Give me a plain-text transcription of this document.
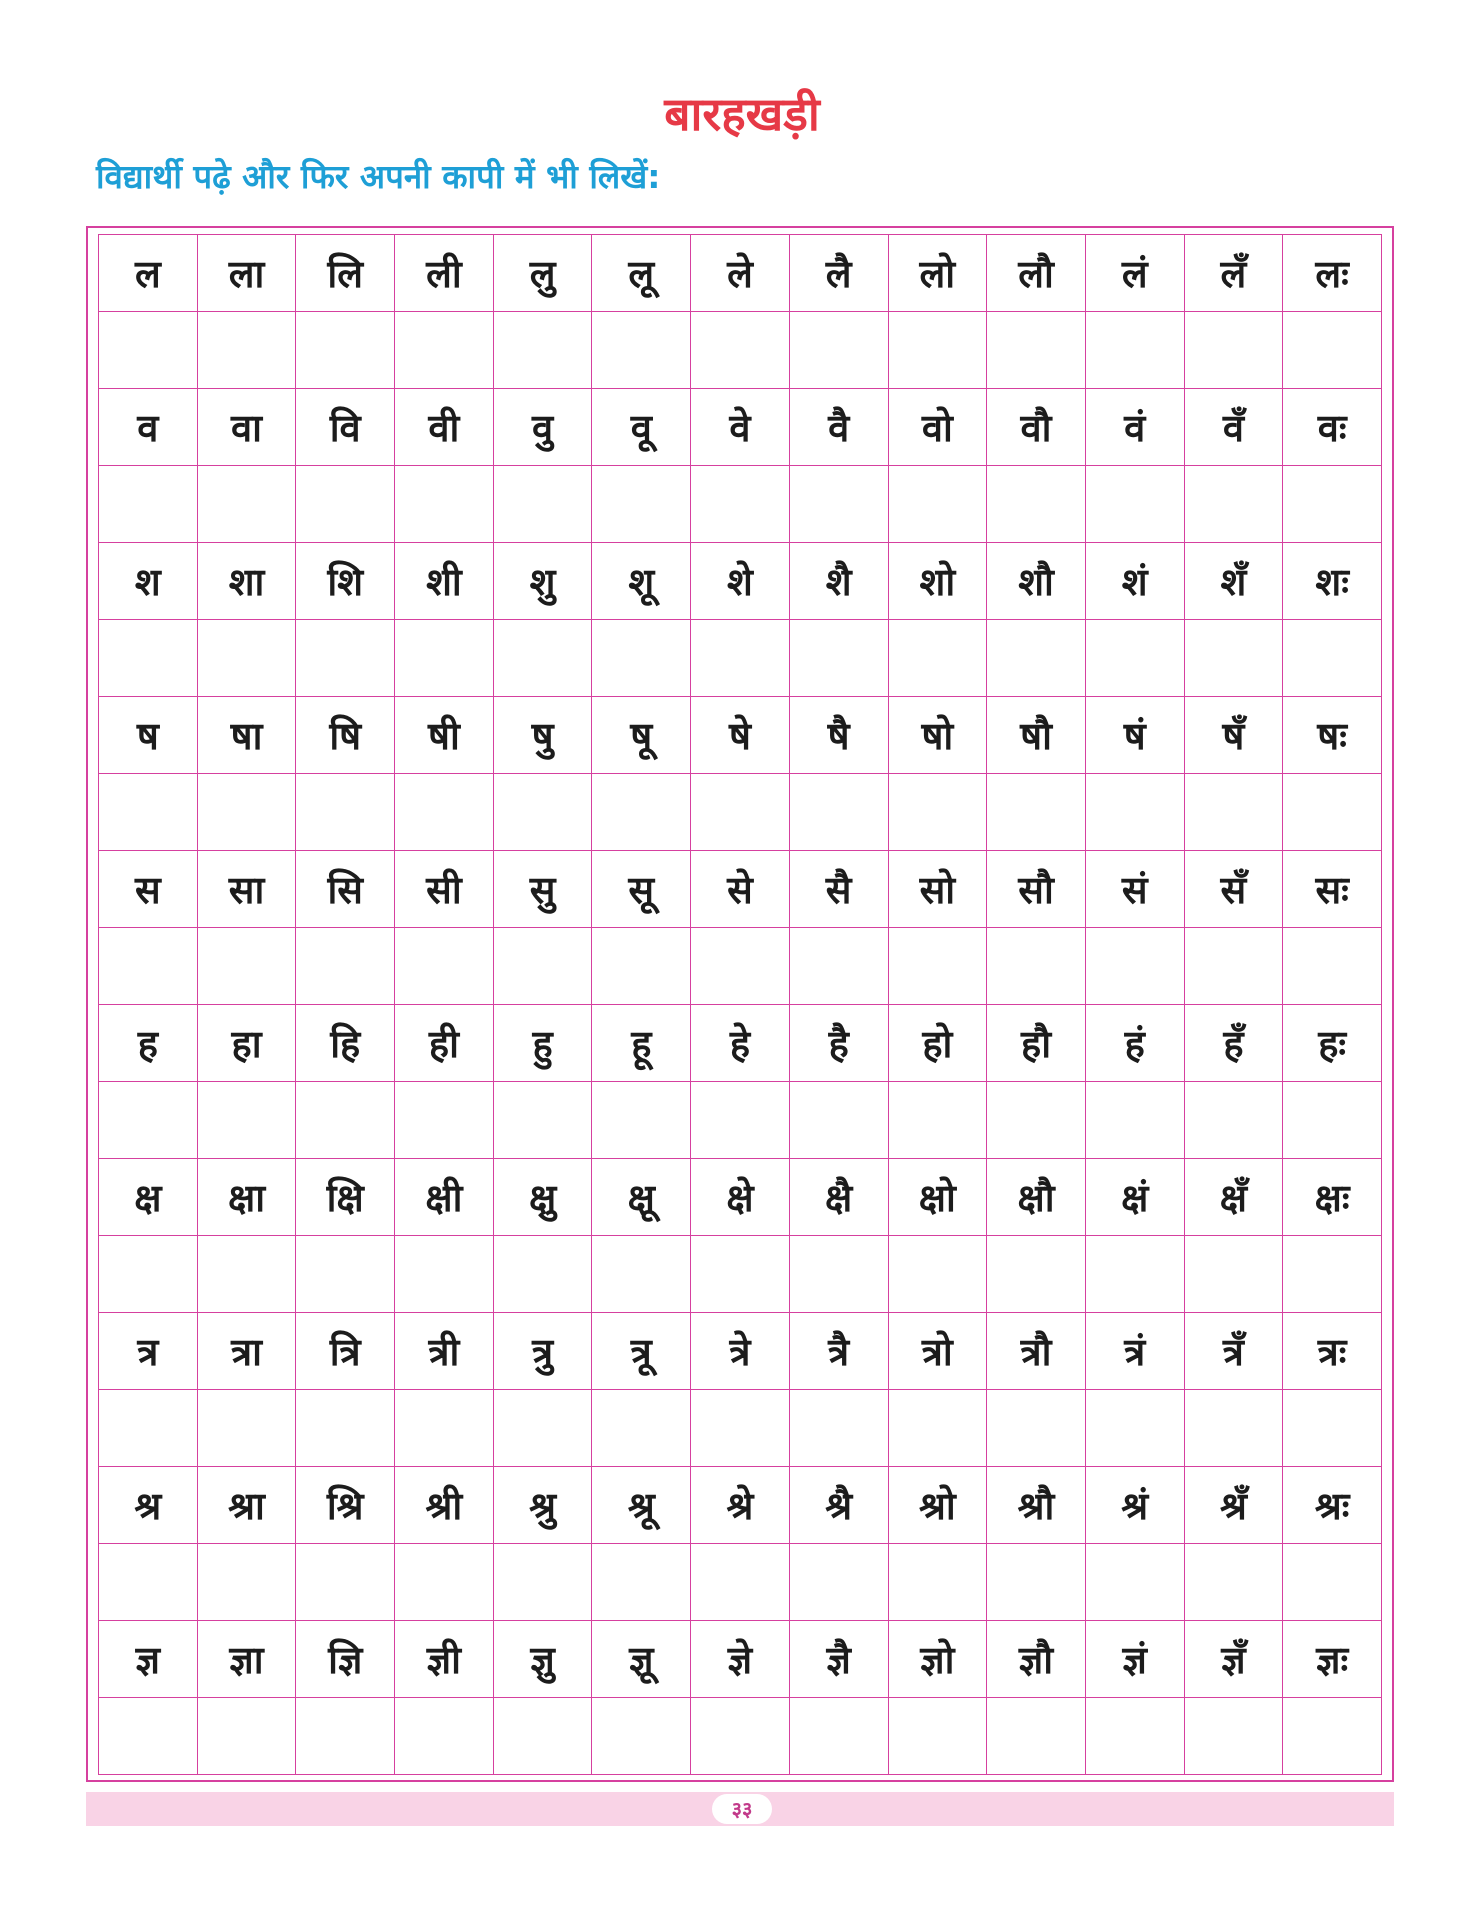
बारहखड़ी
विद्यार्थी पढ़े और फिर अपनी कापी में भी लिखें:
ल	ला	लि	ली	लु	लू	ले	लै	लो	लौ	लं	लँ	लः

व	वा	वि	वी	वु	वू	वे	वै	वो	वौ	वं	वँ	वः

श	शा	शि	शी	शु	शू	शे	शै	शो	शौ	शं	शँ	शः

ष	षा	षि	षी	षु	षू	षे	षै	षो	षौ	षं	षँ	षः

स	सा	सि	सी	सु	सू	से	सै	सो	सौ	सं	सँ	सः

ह	हा	हि	ही	हु	हू	हे	है	हो	हौ	हं	हँ	हः

क्ष	क्षा	क्षि	क्षी	क्षु	क्षू	क्षे	क्षै	क्षो	क्षौ	क्षं	क्षँ	क्षः

त्र	त्रा	त्रि	त्री	त्रु	त्रू	त्रे	त्रै	त्रो	त्रौ	त्रं	त्रँ	त्रः

श्र	श्रा	श्रि	श्री	श्रु	श्रू	श्रे	श्रै	श्रो	श्रौ	श्रं	श्रँ	श्रः

ज्ञ	ज्ञा	ज्ञि	ज्ञी	ज्ञु	ज्ञू	ज्ञे	ज्ञै	ज्ञो	ज्ञौ	ज्ञं	ज्ञँ	ज्ञः

३३
